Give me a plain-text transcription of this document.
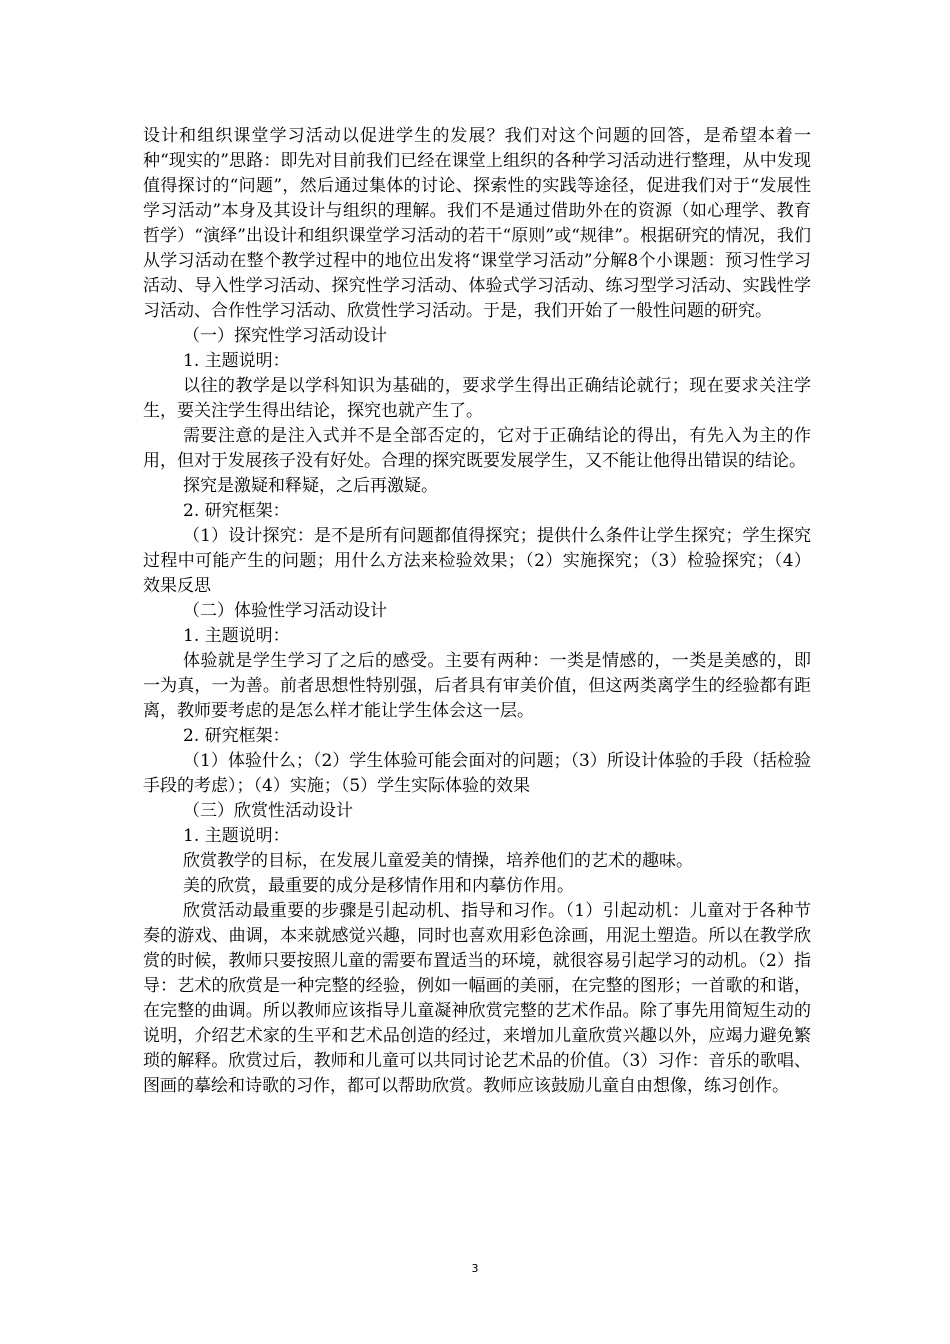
设计和组织课堂学习活动以促进学生的发展？我们对这个问题的回答，是希望本着一种“现实的”思路：即先对目前我们已经在课堂上组织的各种学习活动进行整理，从中发现值得探讨的“问题”，然后通过集体的讨论、探索性的实践等途径，促进我们对于“发展性学习活动”本身及其设计与组织的理解。我们不是通过借助外在的资源（如心理学、教育哲学）“演绎”出设计和组织课堂学习活动的若干“原则”或“规律”。根据研究的情况，我们从学习活动在整个教学过程中的地位出发将“课堂学习活动”分解8个小课题：预习性学习活动、导入性学习活动、探究性学习活动、体验式学习活动、练习型学习活动、实践性学习活动、合作性学习活动、欣赏性学习活动。于是，我们开始了一般性问题的研究。

（一）探究性学习活动设计

1. 主题说明：

以往的教学是以学科知识为基础的，要求学生得出正确结论就行；现在要求关注学生，要关注学生得出结论，探究也就产生了。

需要注意的是注入式并不是全部否定的，它对于正确结论的得出，有先入为主的作用，但对于发展孩子没有好处。合理的探究既要发展学生，又不能让他得出错误的结论。

探究是激疑和释疑，之后再激疑。

2. 研究框架：

（1）设计探究：是不是所有问题都值得探究；提供什么条件让学生探究；学生探究过程中可能产生的问题；用什么方法来检验效果；（2）实施探究；（3）检验探究；（4）效果反思

（二）体验性学习活动设计

1. 主题说明：

体验就是学生学习了之后的感受。主要有两种：一类是情感的，一类是美感的，即一为真，一为善。前者思想性特别强，后者具有审美价值，但这两类离学生的经验都有距离，教师要考虑的是怎么样才能让学生体会这一层。

2. 研究框架：

（1）体验什么；（2）学生体验可能会面对的问题；（3）所设计体验的手段（括检验手段的考虑）；（4）实施；（5）学生实际体验的效果

（三）欣赏性活动设计

1. 主题说明：

欣赏教学的目标，在发展儿童爱美的情操，培养他们的艺术的趣味。

美的欣赏，最重要的成分是移情作用和内摹仿作用。

欣赏活动最重要的步骤是引起动机、指导和习作。（1）引起动机：儿童对于各种节奏的游戏、曲调，本来就感觉兴趣，同时也喜欢用彩色涂画，用泥土塑造。所以在教学欣赏的时候，教师只要按照儿童的需要布置适当的环境，就很容易引起学习的动机。（2）指导：艺术的欣赏是一种完整的经验，例如一幅画的美丽，在完整的图形；一首歌的和谐，在完整的曲调。所以教师应该指导儿童凝神欣赏完整的艺术作品。除了事先用简短生动的说明，介绍艺术家的生平和艺术品创造的经过，来增加儿童欣赏兴趣以外，应竭力避免繁琐的解释。欣赏过后，教师和儿童可以共同讨论艺术品的价值。（3）习作：音乐的歌唱、图画的摹绘和诗歌的习作，都可以帮助欣赏。教师应该鼓励儿童自由想像，练习创作。

3
